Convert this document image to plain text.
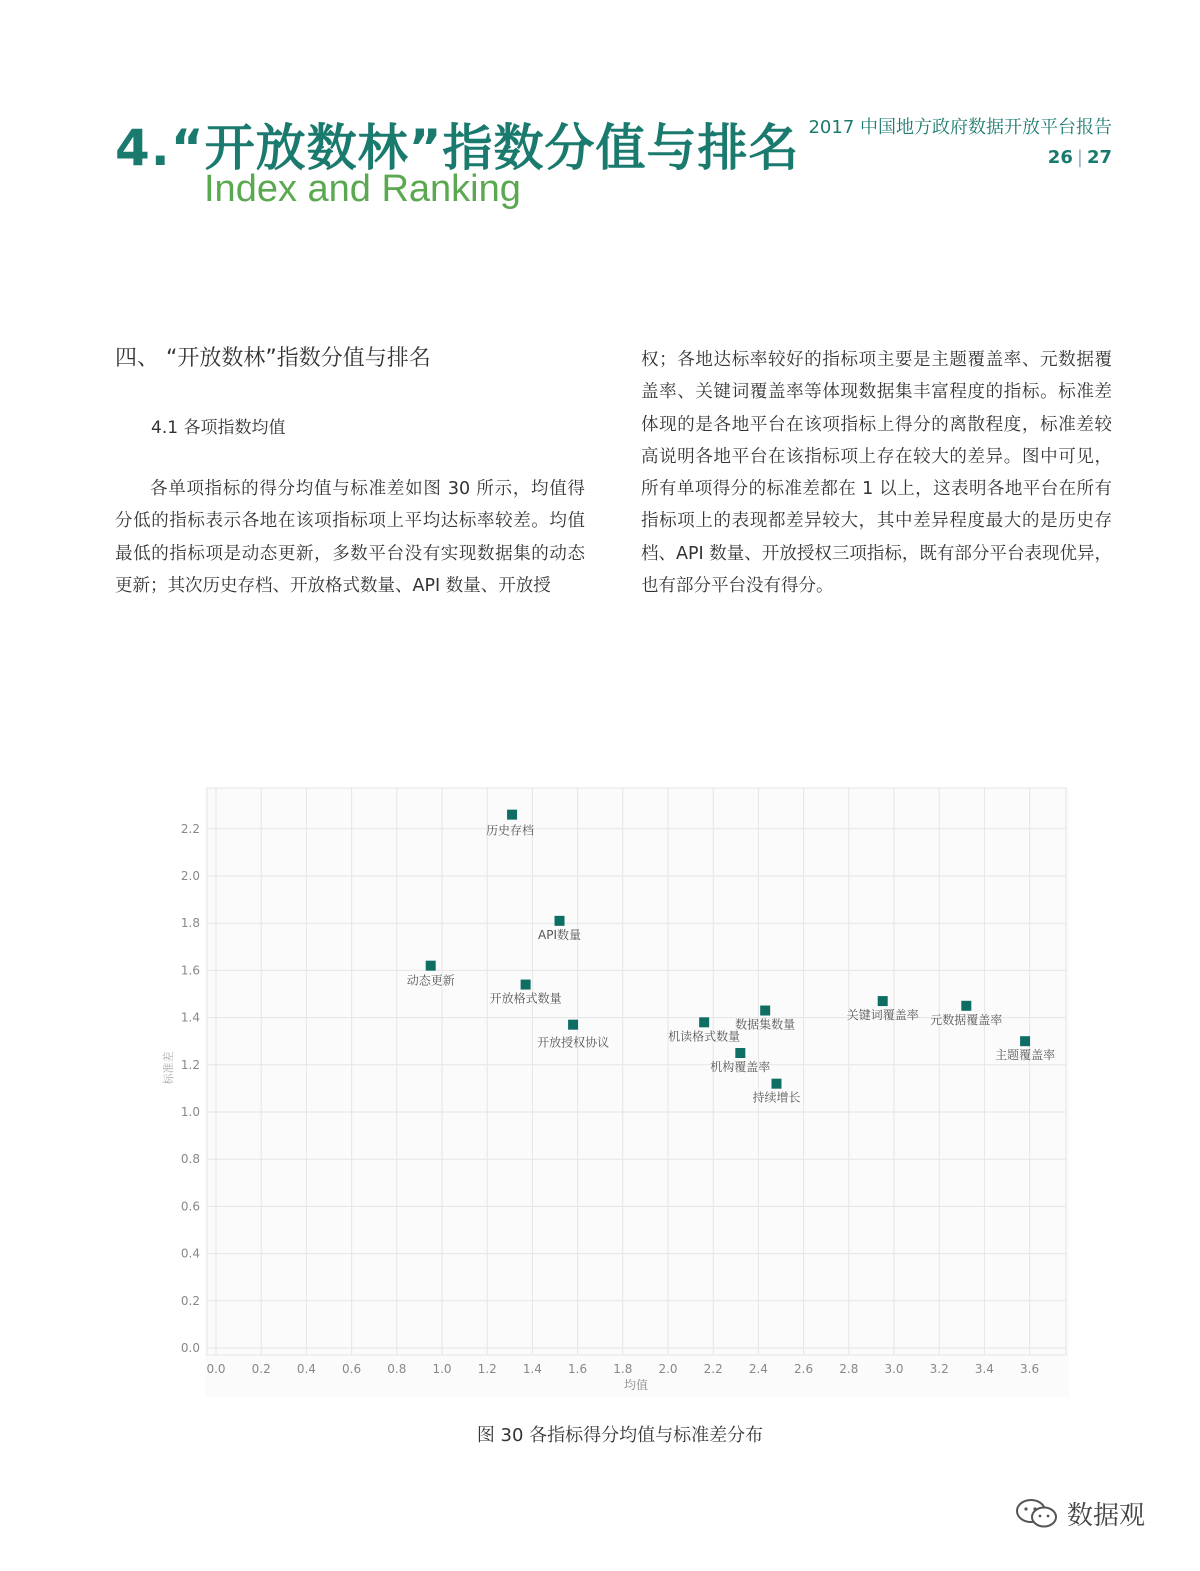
4.“开放数林”指数分值与排名
Index and Ranking
2017 中国地方政府数据开放平台报告
26 | 27
四、 “开放数林”指数分值与排名
4.1 各项指数均值
各单项指标的得分均值与标准差如图 30 所示，均值得分低的指标表示各地在该项指标项上平均达标率较差。均值最低的指标项是动态更新，多数平台没有实现数据集的动态更新；其次历史存档、开放格式数量、API 数量、开放授
权；各地达标率较好的指标项主要是主题覆盖率、元数据覆盖率、关键词覆盖率等体现数据集丰富程度的指标。标准差体现的是各地平台在该项指标上得分的离散程度，标准差较高说明各地平台在该指标项上存在较大的差异。图中可见，所有单项得分的标准差都在 1 以上，这表明各地平台在所有指标项上的表现都差异较大，其中差异程度最大的是历史存档、API 数量、开放授权三项指标，既有部分平台表现优异，也有部分平台没有得分。
0.0 0.2 0.4 0.6 0.8 1.0 1.2 1.4 1.6 1.8 2.0 2.2 2.4 2.6 2.8 3.0 3.2 3.4 3.6
0.0
0.2
0.4
0.6
0.8
1.0
1.2
1.4
1.6
1.8
2.0
2.2
均值
标准差
历史存档
API数量
动态更新
开放格式数量
开放授权协议	机读格式数量
数据集数量
机构覆盖率
持续增长
关键词覆盖率 元数据覆盖率
主题覆盖率
图 30 各指标得分均值与标准差分布
数据观
